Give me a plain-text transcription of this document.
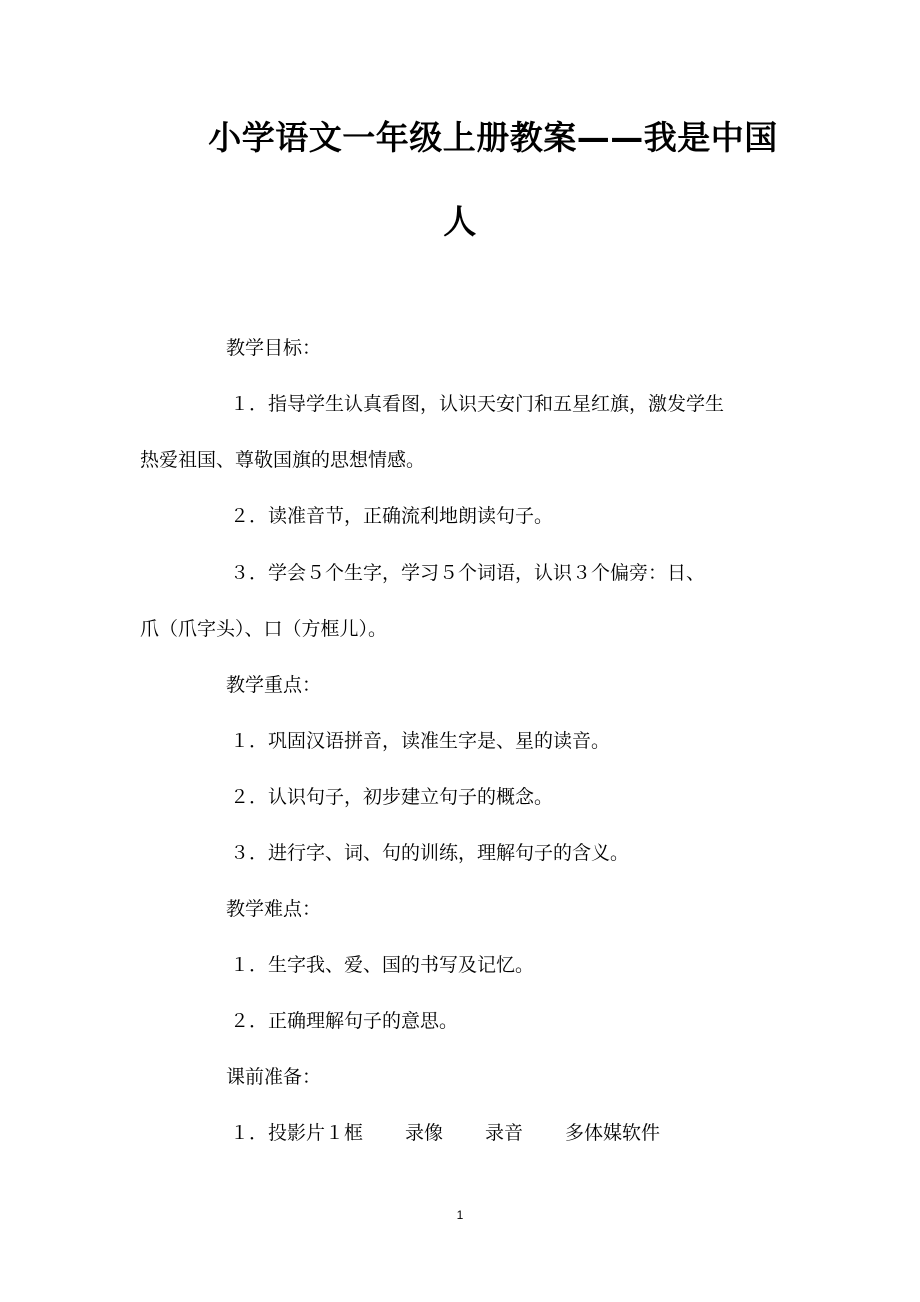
小学语文一年级上册教案——我是中国
人
教学目标：
１．指导学生认真看图，认识天安门和五星红旗，激发学生
热爱祖国、尊敬国旗的思想情感。
２．读准音节，正确流利地朗读句子。
３．学会５个生字，学习５个词语，认识３个偏旁：日、
爪（爪字头）、口（方框儿）。
教学重点：
１．巩固汉语拼音，读准生字是、星的读音。
２．认识句子，初步建立句子的概念。
３．进行字、词、句的训练，理解句子的含义。
教学难点：
１．生字我、爱、国的书写及记忆。
２．正确理解句子的意思。
课前准备：
１．投影片１框 录像 录音 多体媒软件
1
